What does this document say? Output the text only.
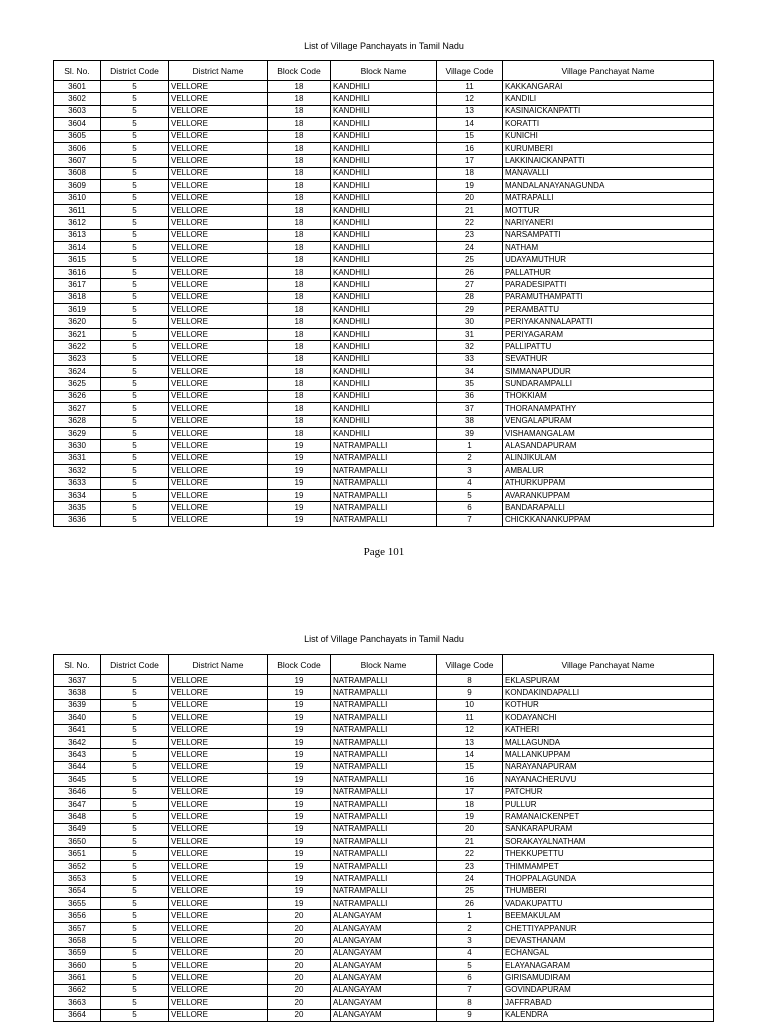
List of Village Panchayats in Tamil Nadu
Sl. No.	District Code	District Name	Block Code	Block Name	Village Code	Village Panchayat Name
3601	5	VELLORE	18	KANDHILI	11	KAKKANGARAI
3602	5	VELLORE	18	KANDHILI	12	KANDILI
3603	5	VELLORE	18	KANDHILI	13	KASINAICKANPATTI
3604	5	VELLORE	18	KANDHILI	14	KORATTI
3605	5	VELLORE	18	KANDHILI	15	KUNICHI
3606	5	VELLORE	18	KANDHILI	16	KURUMBERI
3607	5	VELLORE	18	KANDHILI	17	LAKKINAICKANPATTI
3608	5	VELLORE	18	KANDHILI	18	MANAVALLI
3609	5	VELLORE	18	KANDHILI	19	MANDALANAYANAGUNDA
3610	5	VELLORE	18	KANDHILI	20	MATRAPALLI
3611	5	VELLORE	18	KANDHILI	21	MOTTUR
3612	5	VELLORE	18	KANDHILI	22	NARIYANERI
3613	5	VELLORE	18	KANDHILI	23	NARSAMPATTI
3614	5	VELLORE	18	KANDHILI	24	NATHAM
3615	5	VELLORE	18	KANDHILI	25	UDAYAMUTHUR
3616	5	VELLORE	18	KANDHILI	26	PALLATHUR
3617	5	VELLORE	18	KANDHILI	27	PARADESIPATTI
3618	5	VELLORE	18	KANDHILI	28	PARAMUTHAMPATTI
3619	5	VELLORE	18	KANDHILI	29	PERAMBATTU
3620	5	VELLORE	18	KANDHILI	30	PERIYAKANNALAPATTI
3621	5	VELLORE	18	KANDHILI	31	PERIYAGARAM
3622	5	VELLORE	18	KANDHILI	32	PALLIPATTU
3623	5	VELLORE	18	KANDHILI	33	SEVATHUR
3624	5	VELLORE	18	KANDHILI	34	SIMMANAPUDUR
3625	5	VELLORE	18	KANDHILI	35	SUNDARAMPALLI
3626	5	VELLORE	18	KANDHILI	36	THOKKIAM
3627	5	VELLORE	18	KANDHILI	37	THORANAMPATHY
3628	5	VELLORE	18	KANDHILI	38	VENGALAPURAM
3629	5	VELLORE	18	KANDHILI	39	VISHAMANGALAM
3630	5	VELLORE	19	NATRAMPALLI	1	ALASANDAPURAM
3631	5	VELLORE	19	NATRAMPALLI	2	ALINJIKULAM
3632	5	VELLORE	19	NATRAMPALLI	3	AMBALUR
3633	5	VELLORE	19	NATRAMPALLI	4	ATHURKUPPAM
3634	5	VELLORE	19	NATRAMPALLI	5	AVARANKUPPAM
3635	5	VELLORE	19	NATRAMPALLI	6	BANDARAPALLI
3636	5	VELLORE	19	NATRAMPALLI	7	CHICKKANANKUPPAM
Page 101
List of Village Panchayats in Tamil Nadu
Sl. No.	District Code	District Name	Block Code	Block Name	Village Code	Village Panchayat Name
3637	5	VELLORE	19	NATRAMPALLI	8	EKLASPURAM
3638	5	VELLORE	19	NATRAMPALLI	9	KONDAKINDAPALLI
3639	5	VELLORE	19	NATRAMPALLI	10	KOTHUR
3640	5	VELLORE	19	NATRAMPALLI	11	KODAYANCHI
3641	5	VELLORE	19	NATRAMPALLI	12	KATHERI
3642	5	VELLORE	19	NATRAMPALLI	13	MALLAGUNDA
3643	5	VELLORE	19	NATRAMPALLI	14	MALLANKUPPAM
3644	5	VELLORE	19	NATRAMPALLI	15	NARAYANAPURAM
3645	5	VELLORE	19	NATRAMPALLI	16	NAYANACHERUVU
3646	5	VELLORE	19	NATRAMPALLI	17	PATCHUR
3647	5	VELLORE	19	NATRAMPALLI	18	PULLUR
3648	5	VELLORE	19	NATRAMPALLI	19	RAMANAICKENPET
3649	5	VELLORE	19	NATRAMPALLI	20	SANKARAPURAM
3650	5	VELLORE	19	NATRAMPALLI	21	SORAKAYALNATHAM
3651	5	VELLORE	19	NATRAMPALLI	22	THEKKUPETTU
3652	5	VELLORE	19	NATRAMPALLI	23	THIMMAMPET
3653	5	VELLORE	19	NATRAMPALLI	24	THOPPALAGUNDA
3654	5	VELLORE	19	NATRAMPALLI	25	THUMBERI
3655	5	VELLORE	19	NATRAMPALLI	26	VADAKUPATTU
3656	5	VELLORE	20	ALANGAYAM	1	BEEMAKULAM
3657	5	VELLORE	20	ALANGAYAM	2	CHETTIYAPPANUR
3658	5	VELLORE	20	ALANGAYAM	3	DEVASTHANAM
3659	5	VELLORE	20	ALANGAYAM	4	ECHANGAL
3660	5	VELLORE	20	ALANGAYAM	5	ELAYANAGARAM
3661	5	VELLORE	20	ALANGAYAM	6	GIRISAMUDIRAM
3662	5	VELLORE	20	ALANGAYAM	7	GOVINDAPURAM
3663	5	VELLORE	20	ALANGAYAM	8	JAFFRABAD
3664	5	VELLORE	20	ALANGAYAM	9	KALENDRA
